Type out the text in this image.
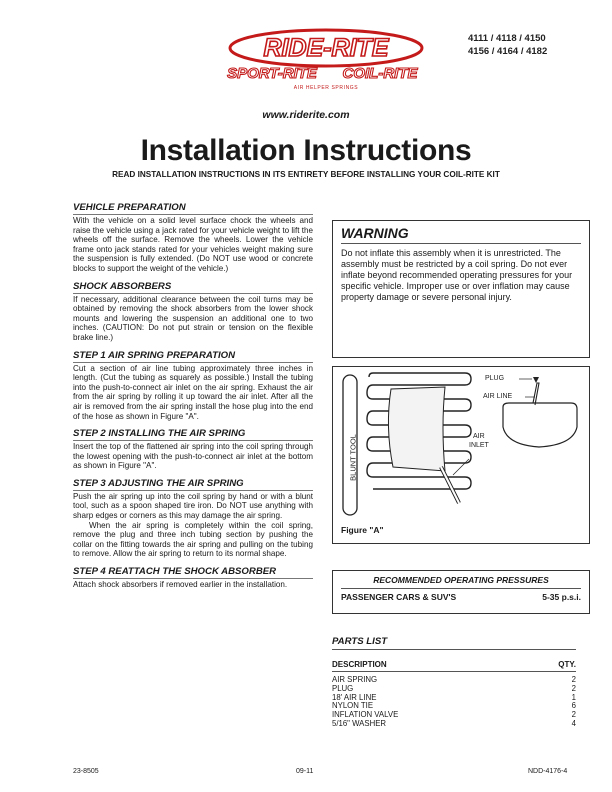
RIDE-RITE
SPORT-RITE COIL-RITE
AIR HELPER SPRINGS
4111 / 4118 / 4150
4156 / 4164 / 4182
www.riderite.com
Installation Instructions
READ INSTALLATION INSTRUCTIONS IN ITS ENTIRETY BEFORE INSTALLING YOUR COIL-RITE KIT
VEHICLE PREPARATION
With the vehicle on a solid level surface chock the wheels and raise the vehicle using a jack rated for your vehicle weight to lift the wheels off the surface. Remove the wheels. Lower the vehicle frame onto jack stands rated for your vehicles weight making sure the suspension is fully extended. (Do NOT use wood or concrete blocks to support the weight of the vehicle.)
SHOCK ABSORBERS
If necessary, additional clearance between the coil turns may be obtained by removing the shock absorbers from the lower shock mounts and lowering the suspension an additional one to two inches. (CAUTION: Do not put strain or tension on the flexible brake line.)
STEP 1 AIR SPRING PREPARATION
Cut a section of air line tubing approximately three inches in length. (Cut the tubing as squarely as possible.) Install the tubing into the push-to-connect air inlet on the air spring. Exhaust the air from the air spring by rolling it up toward the air inlet. After all the air is removed from the air spring install the hose plug into the end of the hose as shown in Figure "A".
STEP 2 INSTALLING THE AIR SPRING
Insert the top of the flattened air spring into the coil spring through the lowest opening with the push-to-connect air inlet at the bottom as shown in Figure "A".
STEP 3 ADJUSTING THE AIR SPRING
Push the air spring up into the coil spring by hand or with a blunt tool, such as a spoon shaped tire iron. Do NOT use anything with sharp edges or corners as this may damage the air spring.
When the air spring is completely within the coil spring, remove the plug and three inch tubing section by pushing the collar on the fitting towards the air spring and pulling on the tubing to remove. Allow the air spring to return to its normal shape.
STEP 4 REATTACH THE SHOCK ABSORBER
Attach shock absorbers if removed earlier in the installation.
WARNING
Do not inflate this assembly when it is unrestricted. The assembly must be restricted by a coil spring. Do not ever inflate beyond recommended operating pressures for your specific vehicle. Improper use or over inflation may cause property damage or severe personal injury.
PLUG
AIR LINE
AIR
INLET
BLUNT TOOL
Figure "A"
RECOMMENDED OPERATING PRESSURES
PASSENGER CARS & SUV'S	5-35 p.s.i.
PARTS LIST
DESCRIPTION	QTY.
AIR SPRING	2
PLUG	2
18' AIR LINE	1
NYLON TIE	6
INFLATION VALVE	2
5/16" WASHER	4
23-8505	09-11	NDD-4176-4
